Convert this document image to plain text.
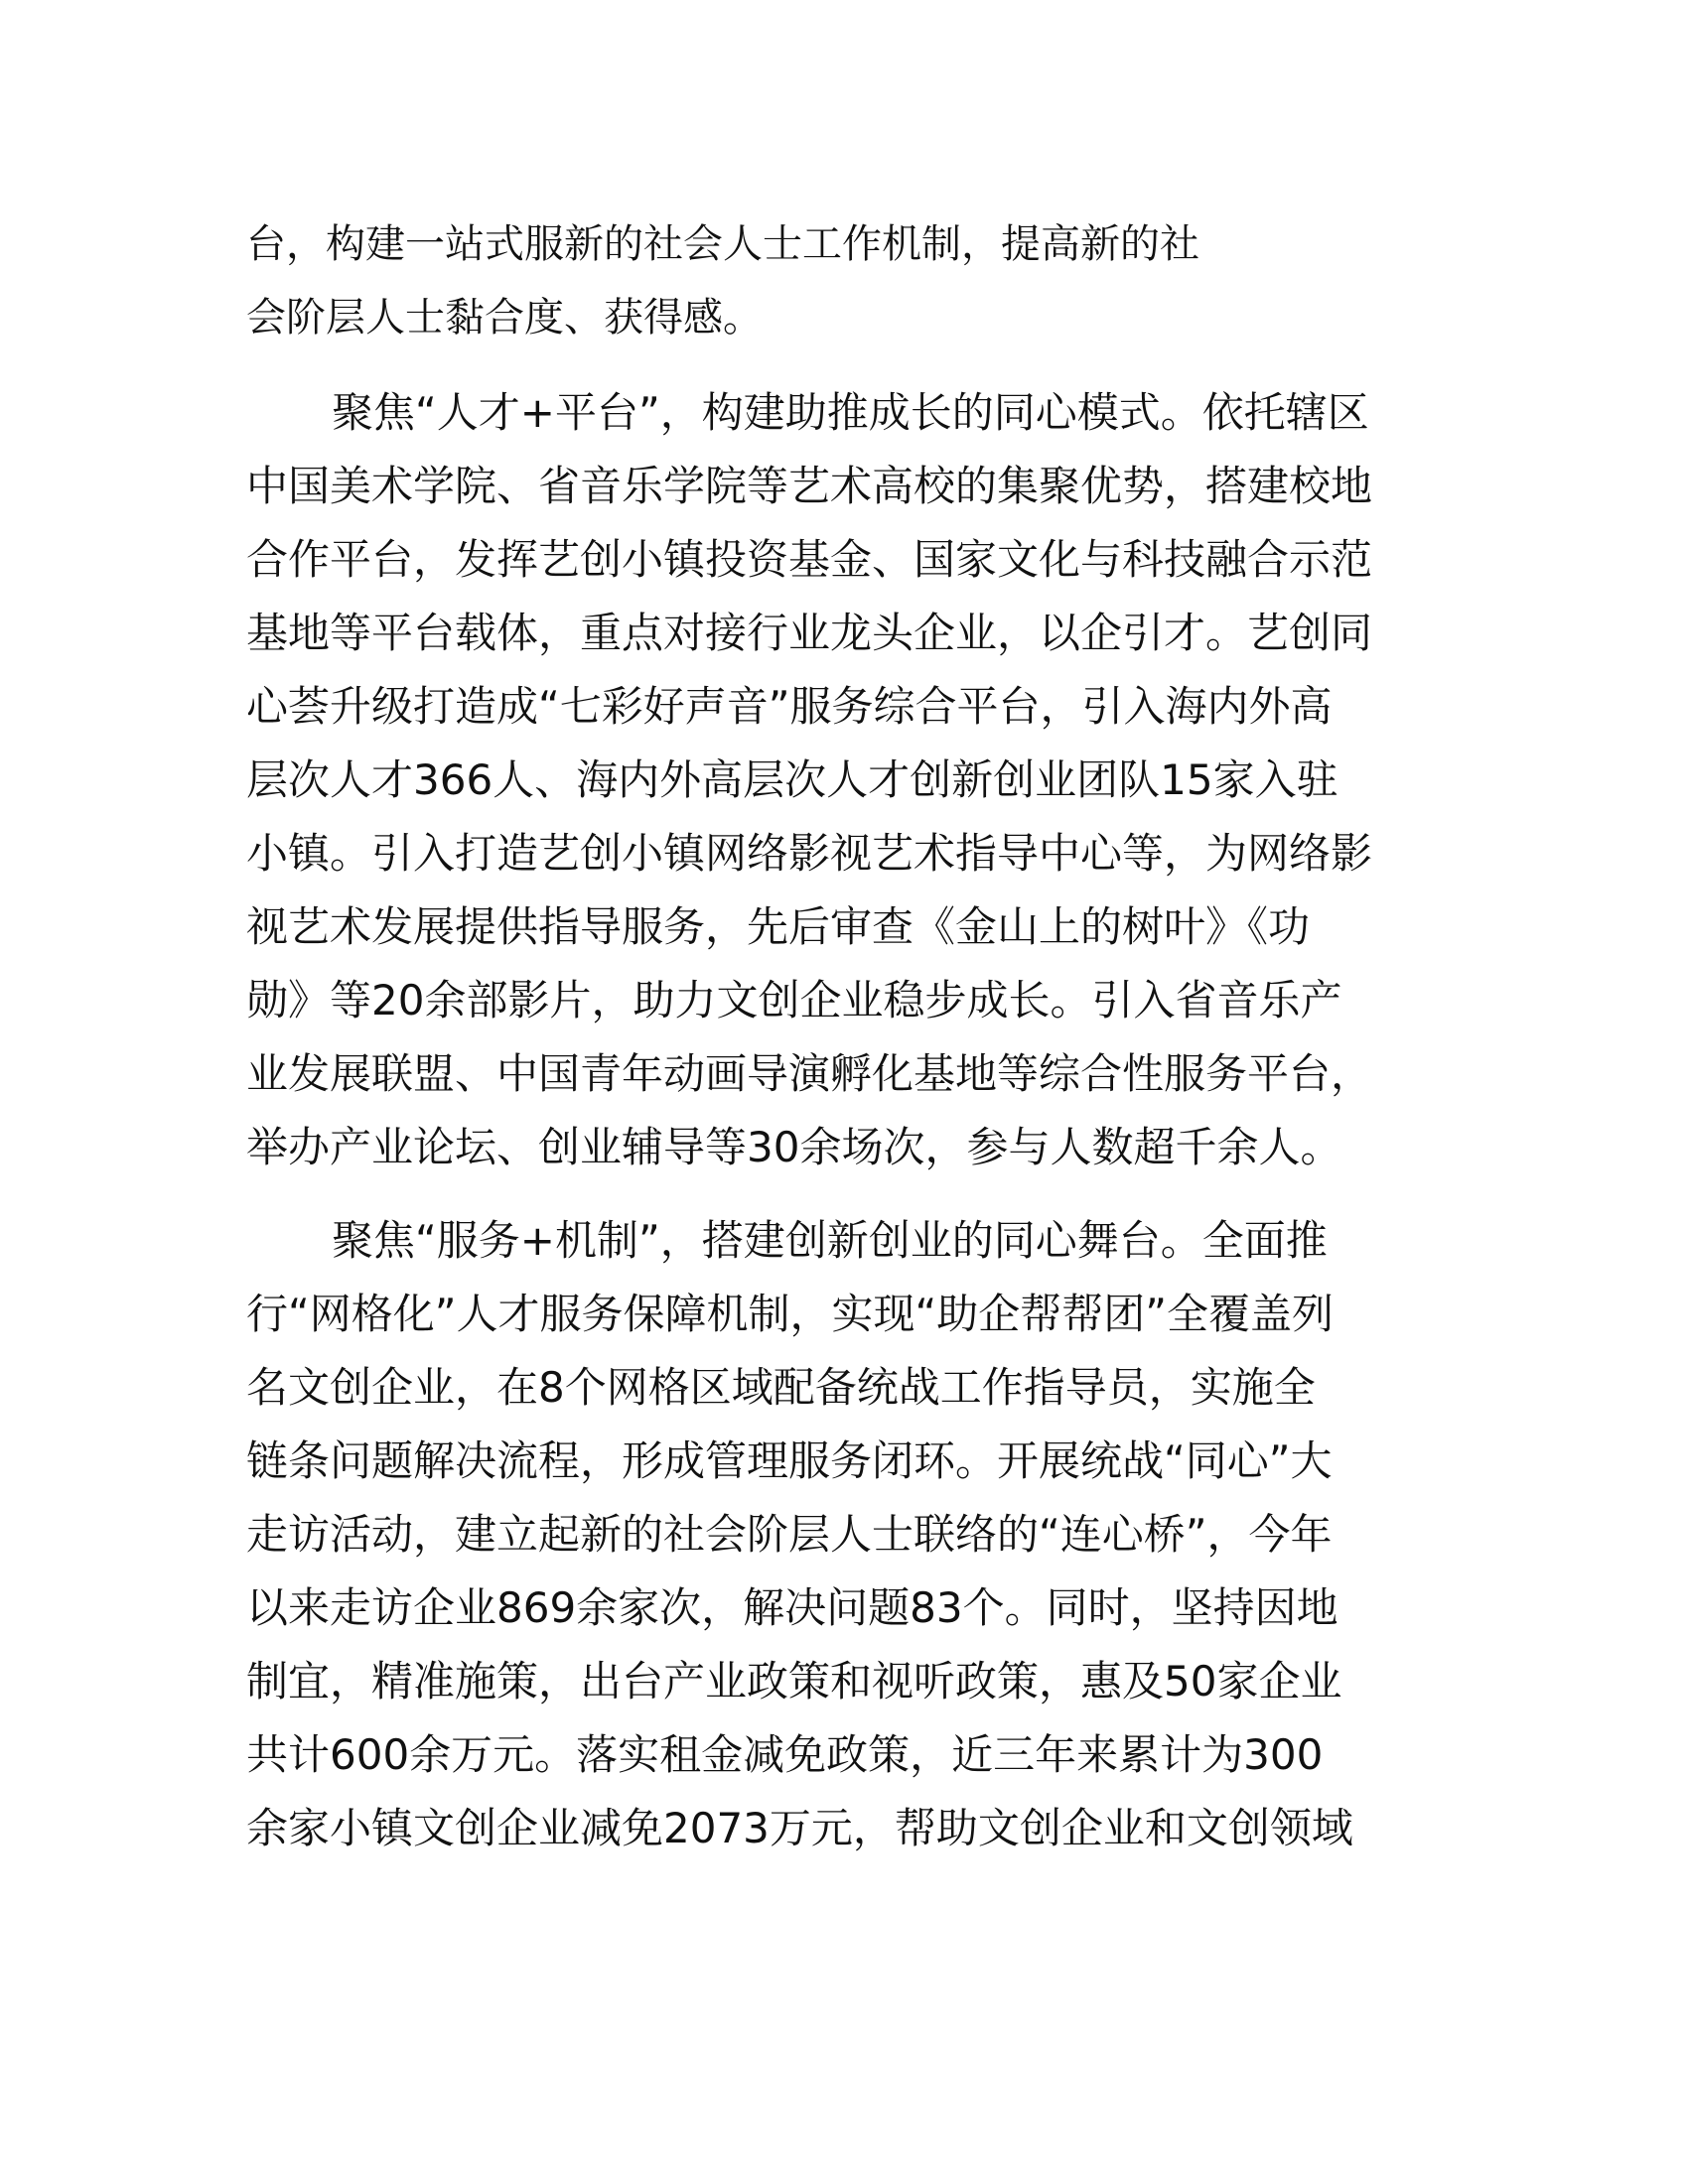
台，构建一站式服新的社会人士工作机制，提高新的社
会阶层人士黏合度、获得感。
聚焦“人才+平台”，构建助推成长的同心模式。依托辖区
中国美术学院、省音乐学院等艺术高校的集聚优势，搭建校地
合作平台，发挥艺创小镇投资基金、国家文化与科技融合示范
基地等平台载体，重点对接行业龙头企业，以企引才。艺创同
心荟升级打造成“七彩好声音”服务综合平台，引入海内外高
层次人才366人、海内外高层次人才创新创业团队15家入驻
小镇。引入打造艺创小镇网络影视艺术指导中心等，为网络影
视艺术发展提供指导服务，先后审查《金山上的树叶》《功
勋》等20余部影片，助力文创企业稳步成长。引入省音乐产
业发展联盟、中国青年动画导演孵化基地等综合性服务平台，
举办产业论坛、创业辅导等30余场次，参与人数超千余人。
聚焦“服务+机制”，搭建创新创业的同心舞台。全面推
行“网格化”人才服务保障机制，实现“助企帮帮团”全覆盖列
名文创企业，在8个网格区域配备统战工作指导员，实施全
链条问题解决流程，形成管理服务闭环。开展统战“同心”大
走访活动，建立起新的社会阶层人士联络的“连心桥”，今年
以来走访企业869余家次，解决问题83个。同时，坚持因地
制宜，精准施策，出台产业政策和视听政策，惠及50家企业
共计600余万元。落实租金减免政策，近三年来累计为300
余家小镇文创企业减免2073万元，帮助文创企业和文创领域
